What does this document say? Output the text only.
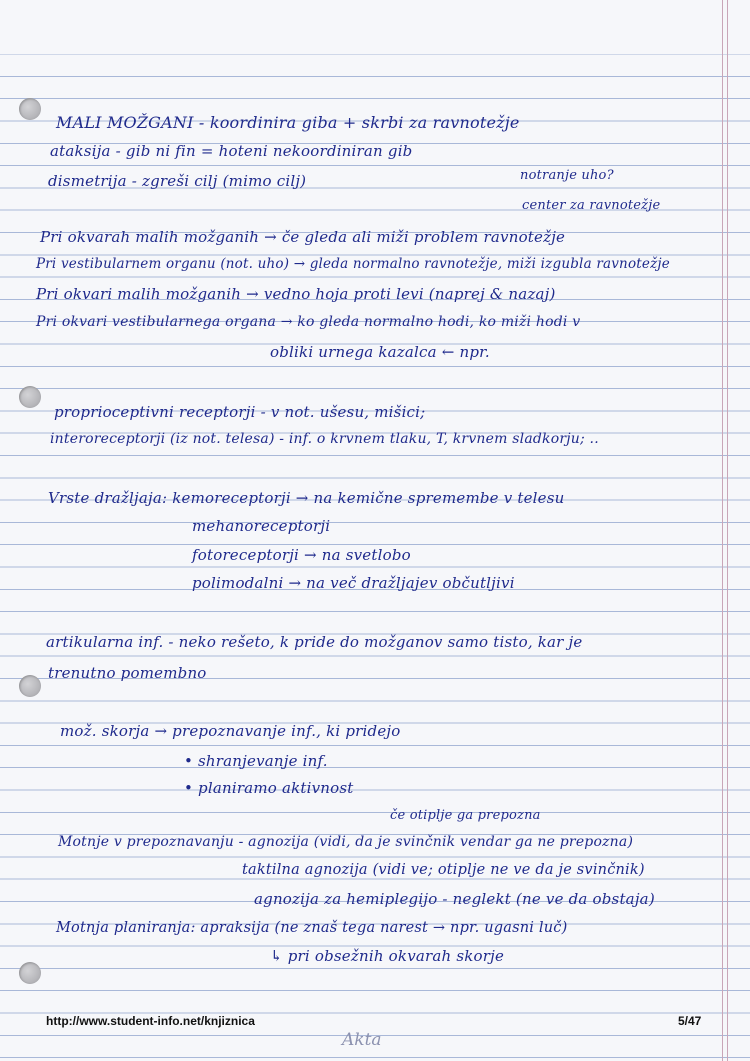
MALI MOŽGANI - koordinira giba + skrbi za ravnotežje
ataksija - gib ni fin = hoteni nekoordiniran gib
dismetrija - zgreši cilj (mimo cilj)	notranje uho?
center za ravnotežje
Pri okvarah malih možganih → če gleda ali miži problem ravnotežje
Pri vestibularnem organu (not. uho) → gleda normalno ravnotežje, miži izgubla ravnotežje
Pri okvari malih možganih → vedno hoja proti levi (naprej & nazaj)
Pri okvari vestibularnega organa → ko gleda normalno hodi, ko miži hodi v
obliki urnega kazalca ← npr.
proprioceptivni receptorji - v not. ušesu, mišici;
interoreceptorji (iz not. telesa) - inf. o krvnem tlaku, T, krvnem sladkorju; ..
Vrste dražljaja: kemoreceptorji → na kemične spremembe v telesu
mehanoreceptorji
fotoreceptorji → na svetlobo
polimodalni → na več dražljajev občutljivi
artikularna inf. - neko rešeto, k pride do možganov samo tisto, kar je
trenutno pomembno
mož. skorja → prepoznavanje inf., ki pridejo
• shranjevanje inf.
• planiramo aktivnost
če otiplje ga prepozna
Motnje v prepoznavanju - agnozija (vidi, da je svinčnik vendar ga ne prepozna)
taktilna agnozija (vidi ve; otiplje ne ve da je svinčnik)
agnozija za hemiplegijo - neglekt (ne ve da obstaja)
Motnja planiranja: apraksija (ne znaš tega narest → npr. ugasni luč)
↳ pri obsežnih okvarah skorje
http://www.student-info.net/knjiznica	5/47
Akta
